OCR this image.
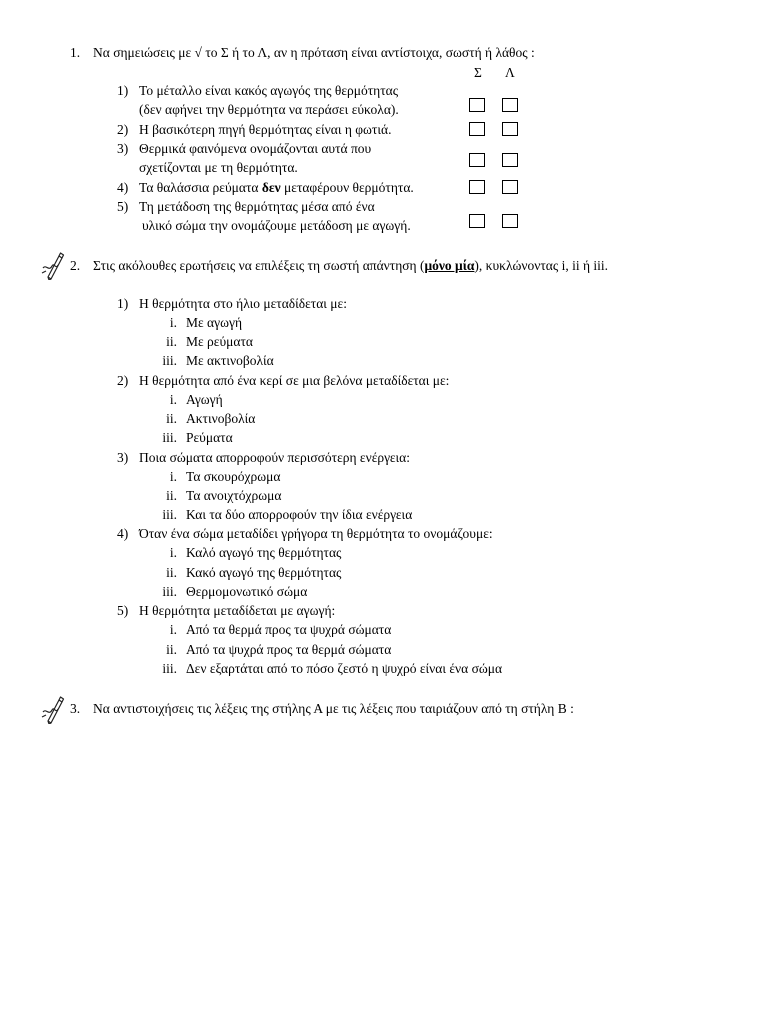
1. Να σημειώσεις με √ το Σ ή το Λ, αν η πρόταση είναι αντίστοιχα, σωστή ή λάθος :
Σ Λ
1) Το μέταλλο είναι κακός αγωγός της θερμότητας
(δεν αφήνει την θερμότητα να περάσει εύκολα).
2) Η βασικότερη πηγή θερμότητας είναι η φωτιά.
3) Θερμικά φαινόμενα ονομάζονται αυτά που
σχετίζονται με τη θερμότητα.
4) Τα θαλάσσια ρεύματα δεν μεταφέρουν θερμότητα.
5) Τη μετάδοση της θερμότητας μέσα από ένα
υλικό σώμα την ονομάζουμε μετάδοση με αγωγή.
2. Στις ακόλουθες ερωτήσεις να επιλέξεις τη σωστή απάντηση (μόνο μία), κυκλώνοντας i, ii ή iii.
1) Η θερμότητα στο ήλιο μεταδίδεται με:
i. Με αγωγή
ii. Με ρεύματα
iii. Με ακτινοβολία
2) Η θερμότητα από ένα κερί σε μια βελόνα μεταδίδεται με:
i. Αγωγή
ii. Ακτινοβολία
iii. Ρεύματα
3) Ποια σώματα απορροφούν περισσότερη ενέργεια:
i. Τα σκουρόχρωμα
ii. Τα ανοιχτόχρωμα
iii. Και τα δύο απορροφούν την ίδια ενέργεια
4) Όταν ένα σώμα μεταδίδει γρήγορα τη θερμότητα το ονομάζουμε:
i. Καλό αγωγό της θερμότητας
ii. Κακό αγωγό της θερμότητας
iii. Θερμομονωτικό σώμα
5) Η θερμότητα μεταδίδεται με αγωγή:
i. Από τα θερμά προς τα ψυχρά σώματα
ii. Από τα ψυχρά προς τα θερμά σώματα
iii. Δεν εξαρτάται από το πόσο ζεστό η ψυχρό είναι ένα σώμα
3. Να αντιστοιχήσεις τις λέξεις της στήλης Α με τις λέξεις που ταιριάζουν από τη στήλη Β :
